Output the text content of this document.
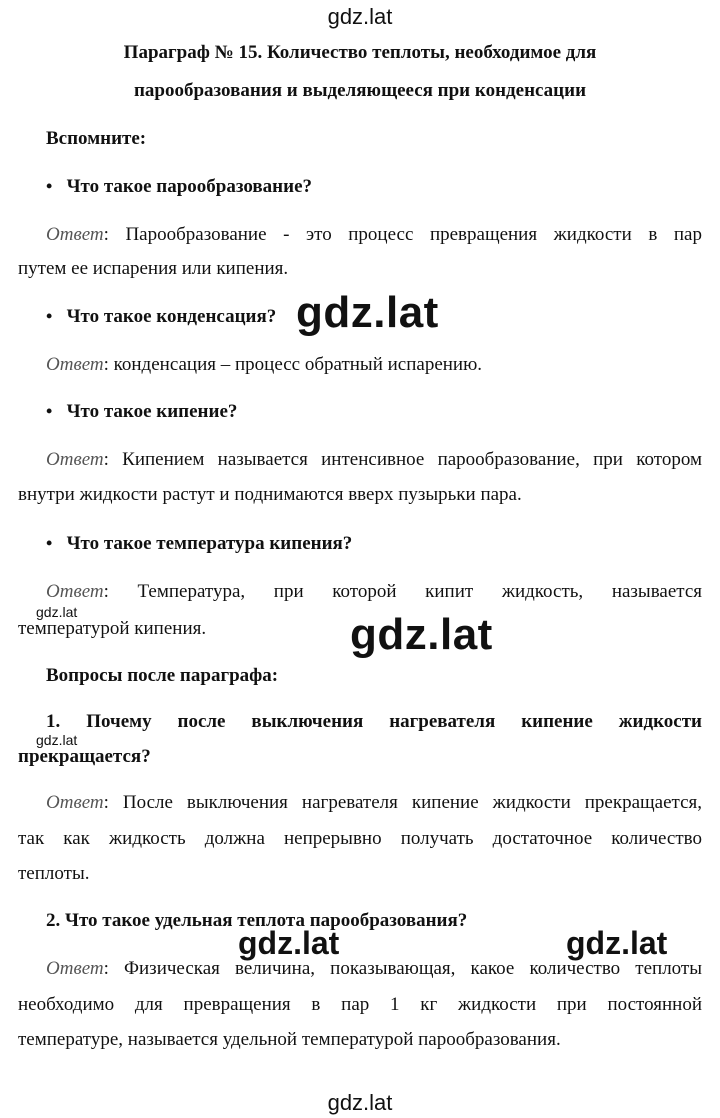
gdz.lat
Параграф № 15. Количество теплоты, необходимое для
парообразования и выделяющееся при конденсации
Вспомните:
• Что такое парообразование?
Ответ: Парообразование - это процесс превращения жидкости в пар
путем ее испарения или кипения.
• Что такое конденсация? gdz.lat
Ответ: конденсация – процесс обратный испарению.
• Что такое кипение?
Ответ: Кипением называется интенсивное парообразование, при котором
внутри жидкости растут и поднимаются вверх пузырьки пара.
• Что такое температура кипения?
Ответ: Температура, при которой кипит жидкость, называется
gdz.lat
температурой кипения.	gdz.lat
Вопросы после параграфа:
1. Почему после выключения нагревателя кипение жидкости
gdz.lat
прекращается?
Ответ: После выключения нагревателя кипение жидкости прекращается,
так как жидкость должна непрерывно получать достаточное количество
теплоты.
2. Что такое удельная теплота парообразования?
gdz.lat	gdz.lat
Ответ: Физическая величина, показывающая, какое количество теплоты
необходимо для превращения в пар 1 кг жидкости при постоянной
температуре, называется удельной температурой парообразования.
gdz.lat
